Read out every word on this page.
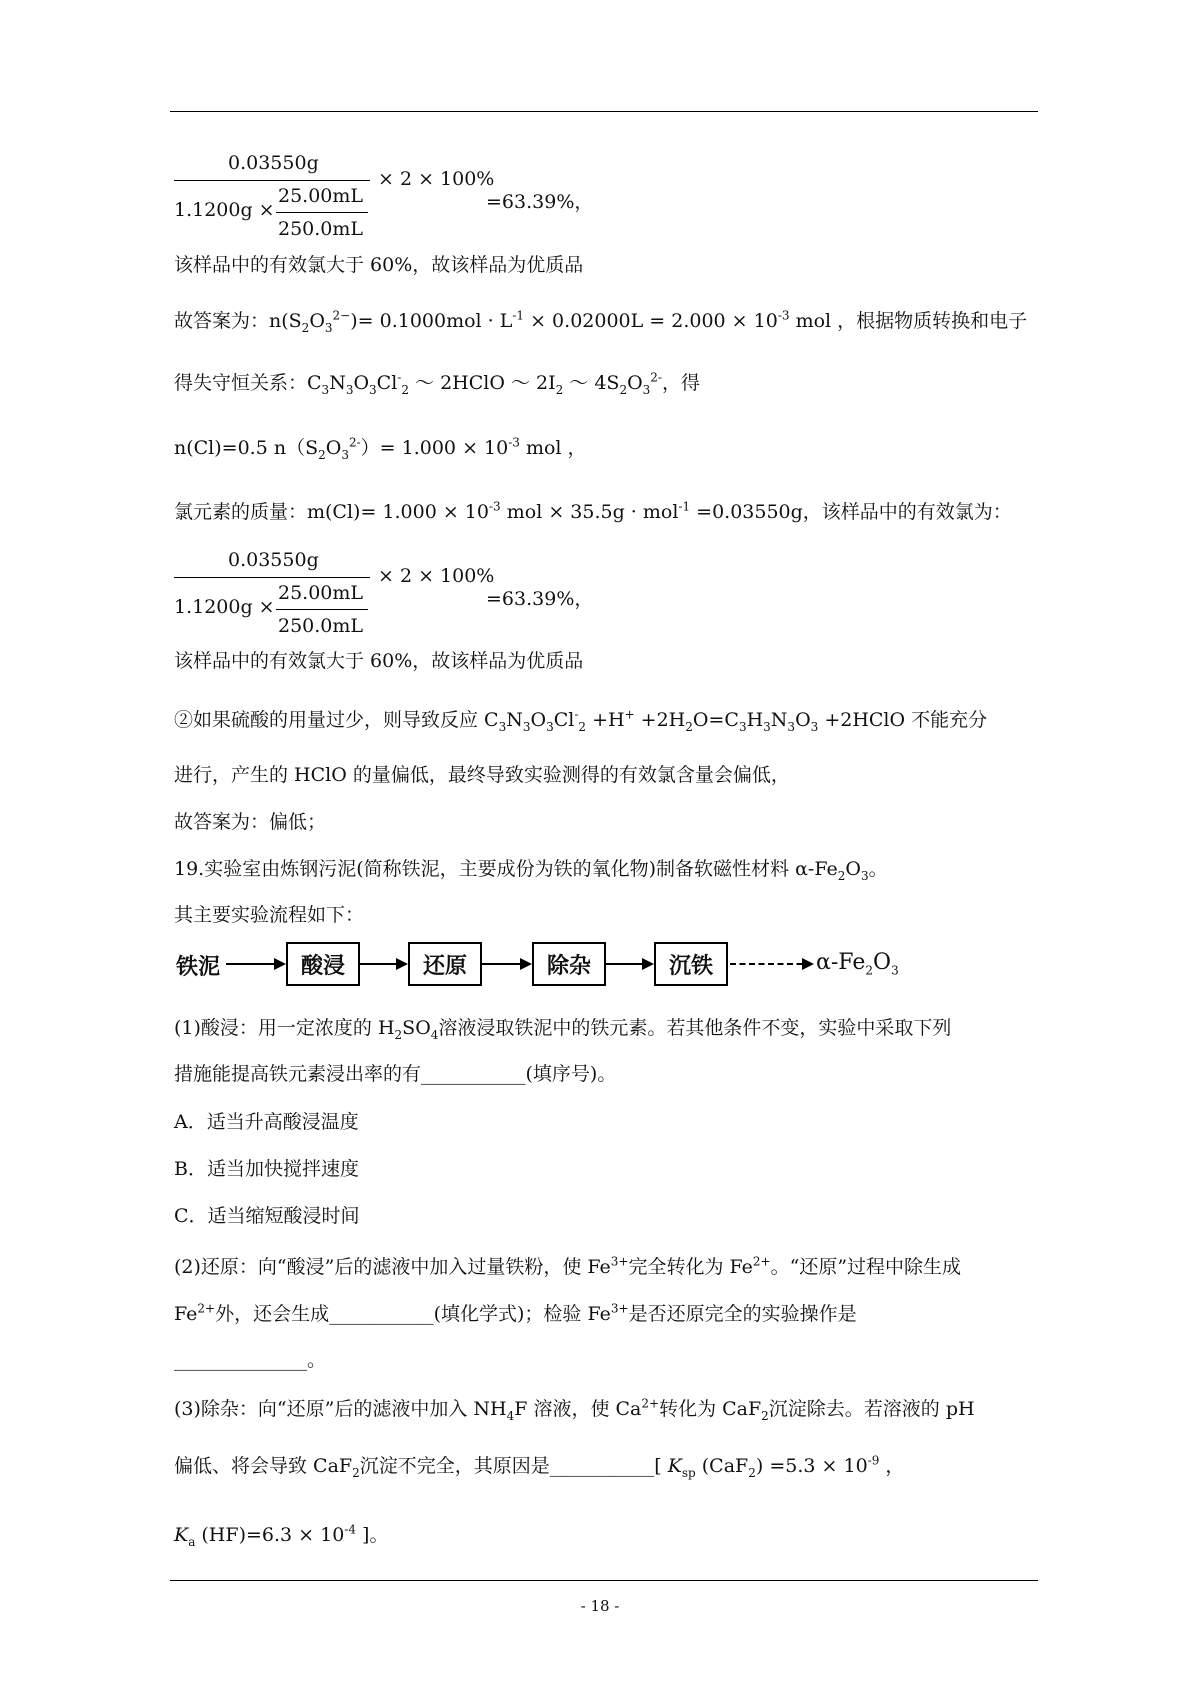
0.03550g
× 2 × 100%
1.1200g ×
25.00mL
250.0mL
=63.39%，
该样品中的有效氯大于 60%，故该样品为优质品
故答案为：$n(S_2O_3^{2-})= 0.1000mol \cdot L^{-1} \times 0.02000L = 2.000 \times 10^{-3}$ mol ，根据物质转换和电子
得失守恒关系：$C_3N_3O_3Cl^-_2$ ～ 2HClO ～ $2I_2$ ～ $4S_2O_3^{2-}$，得
n(Cl)=0.5 $n(S_2O_3^{2-})= 1.000 \times 10^{-3}$ mol ，
氯元素的质量：$m(Cl)= 1.000 \times 10^{-3}$ mol × 35.5g · mol$^{-1}$ =0.03550g，该样品中的有效氯为：
0.03550g
× 2 × 100%
1.1200g ×
25.00mL
250.0mL
=63.39%，
该样品中的有效氯大于 60%，故该样品为优质品
②如果硫酸的用量过少，则导致反应 $C_3N_3O_3Cl^-_2 +H^+ +2H_2O=C_3H_3N_3O_3$ +2HClO 不能充分
进行，产生的 HClO 的量偏低，最终导致实验测得的有效氯含量会偏低，
故答案为：偏低；
19.实验室由炼钢污泥(简称铁泥，主要成份为铁的氧化物)制备软磁性材料 $\alpha-Fe_2O_3$。
其主要实验流程如下：
铁泥	酸浸	还原	除杂	沉铁	$\alpha-Fe_2O_3$
(1)酸浸：用一定浓度的 $H_2SO_4$溶液浸取铁泥中的铁元素。若其他条件不变，实验中采取下列
措施能提高铁元素浸出率的有___________(填序号)。
A．适当升高酸浸温度
B．适当加快搅拌速度
C．适当缩短酸浸时间
(2)还原：向“酸浸”后的滤液中加入过量铁粉，使 $Fe^{3+}$完全转化为 $Fe^{2+}$。“还原”过程中除生成
$Fe^{2+}$外，还会生成___________(填化学式)；检验 $Fe^{3+}$是否还原完全的实验操作是
______________。
(3)除杂：向“还原”后的滤液中加入 $NH_4F$ 溶液，使 $Ca^{2+}$转化为 CaF$_2$沉淀除去。若溶液的 pH
偏低、将会导致 CaF$_2$沉淀不完全，其原因是___________[ $K_{sp}$ $(CaF_2) =5.3 \times 10^{-9}$ ，
$K_a$ $(HF)=6.3 \times 10^{-4}$ ]。
- 18 -
